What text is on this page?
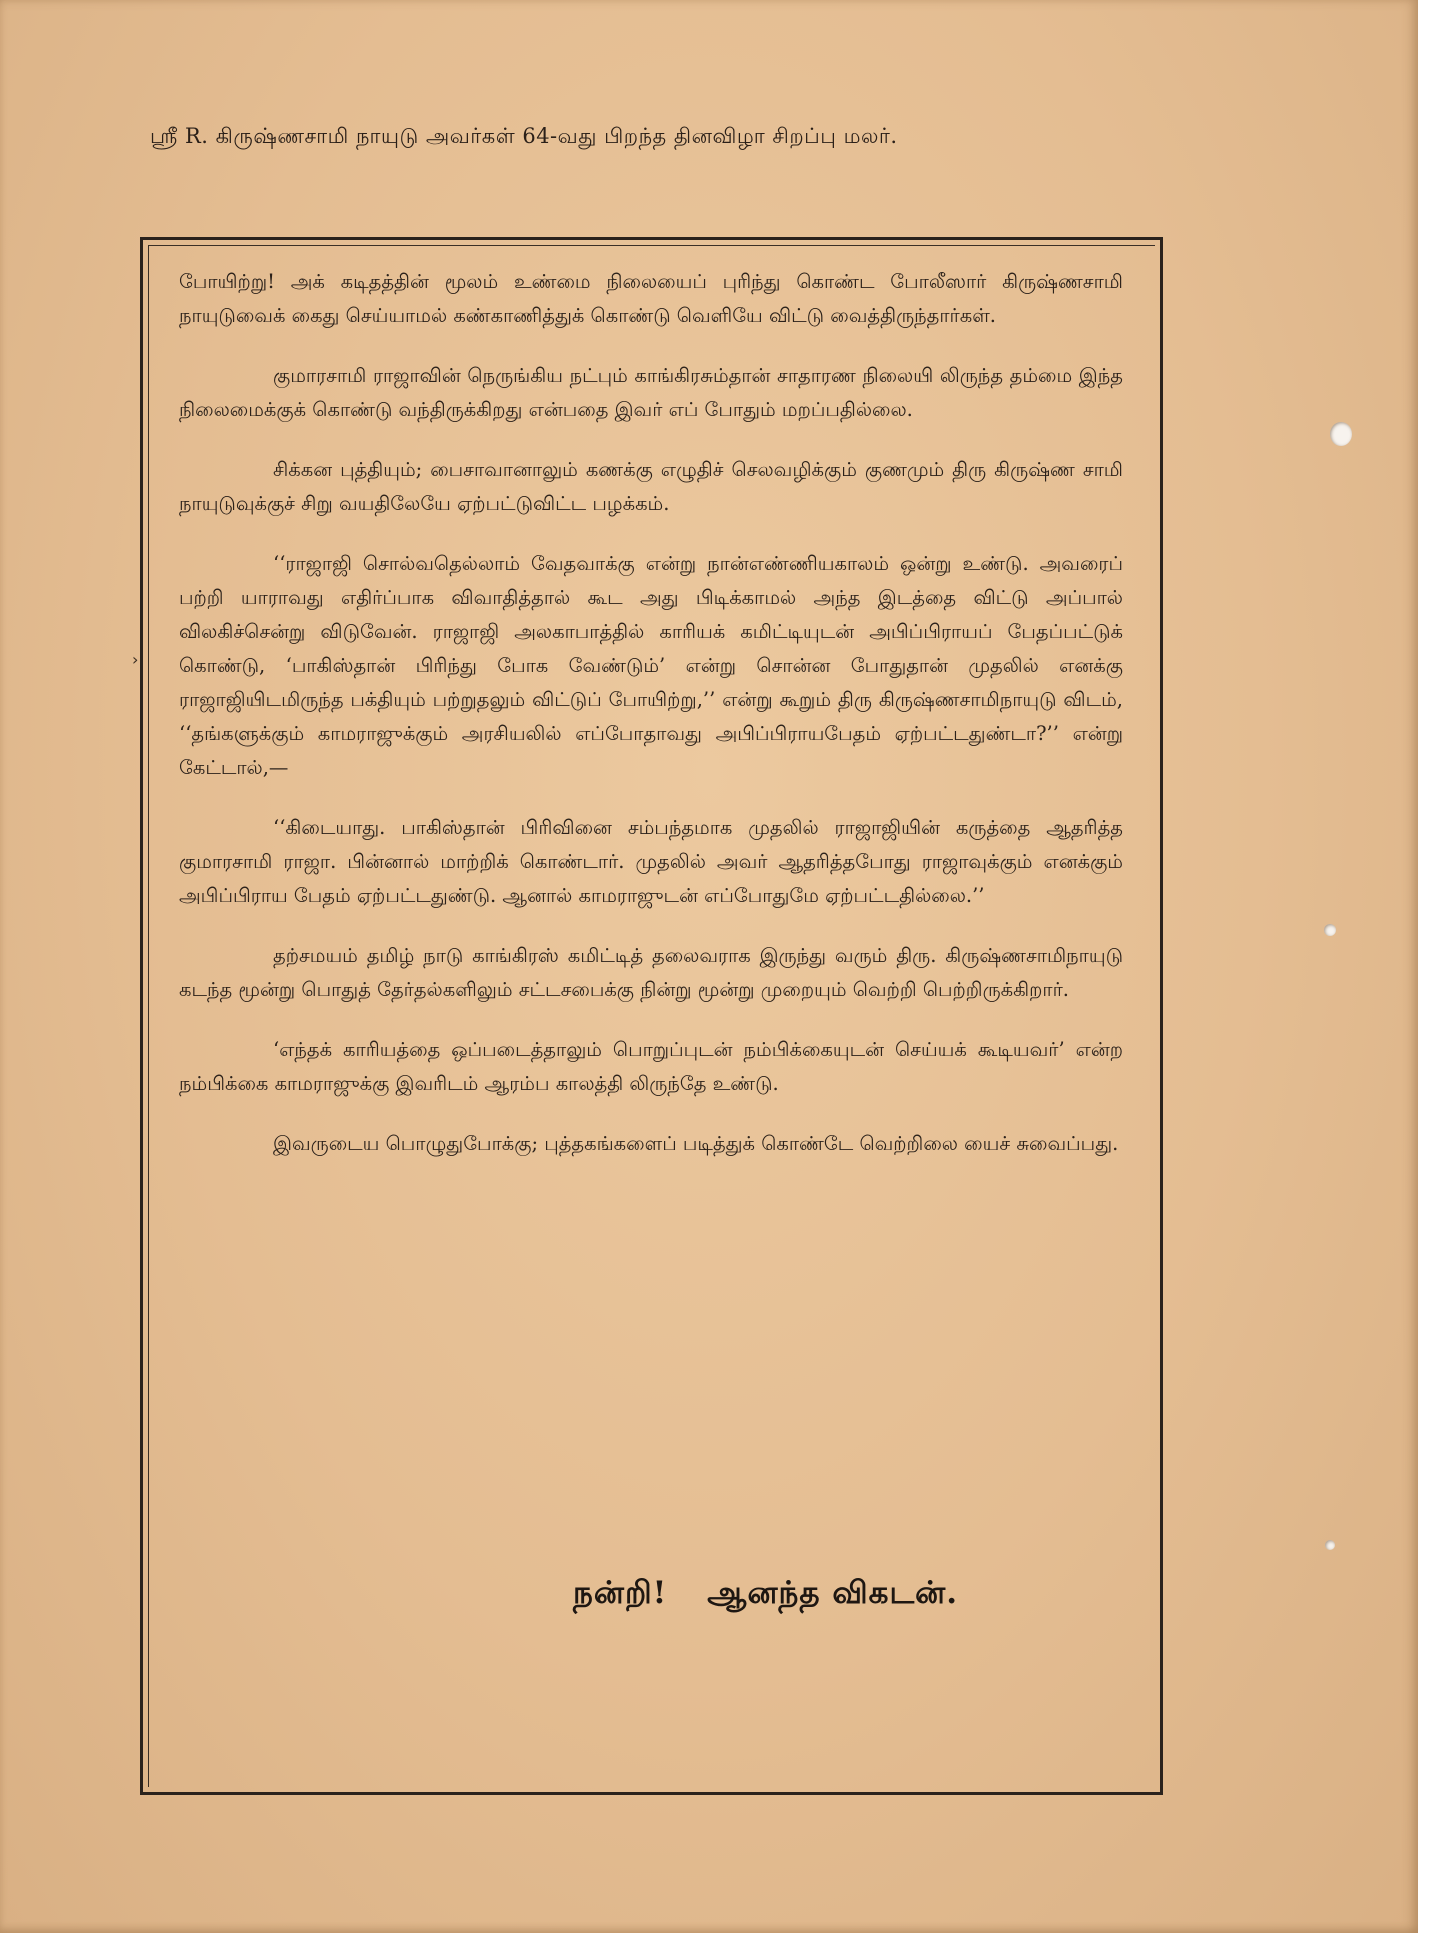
ஸ்ரீ R. கிருஷ்ணசாமி நாயுடு அவர்கள் 64-வது பிறந்த தினவிழா சிறப்பு மலர்.

போயிற்று! அக் கடிதத்தின் மூலம் உண்மை நிலையைப் புரிந்து கொண்ட போலீஸார் கிருஷ்ணசாமி நாயுடுவைக் கைது செய்யாமல் கண்காணித்துக் கொண்டு வெளியே விட்டு வைத்திருந்தார்கள்.

குமாரசாமி ராஜாவின் நெருங்கிய நட்பும் காங்கிரசும்தான் சாதாரண நிலையி லிருந்த தம்மை இந்த நிலைமைக்குக் கொண்டு வந்திருக்கிறது என்பதை இவர் எப் போதும் மறப்பதில்லை.

சிக்கன புத்தியும்; பைசாவானாலும் கணக்கு எழுதிச் செலவழிக்கும் குணமும் திரு கிருஷ்ண சாமி நாயுடுவுக்குச் சிறு வயதிலேயே ஏற்பட்டுவிட்ட பழக்கம்.

‘‘ராஜாஜி சொல்வதெல்லாம் வேதவாக்கு என்று நான்எண்ணியகாலம் ஒன்று உண்டு. அவரைப் பற்றி யாராவது எதிர்ப்பாக விவாதித்தால் கூட அது பிடிக்காமல் அந்த இடத்தை விட்டு அப்பால் விலகிச்சென்று விடுவேன். ராஜாஜி அலகாபாத்தில் காரியக் கமிட்டியுடன் அபிப்பிராயப் பேதப்பட்டுக் கொண்டு, ‘பாகிஸ்தான் பிரிந்து போக வேண்டும்’ என்று சொன்ன போதுதான் முதலில் எனக்கு ராஜாஜியிடமிருந்த பக்தியும் பற்றுதலும் விட்டுப் போயிற்று,’’ என்று கூறும் திரு கிருஷ்ணசாமிநாயுடு விடம், ‘‘தங்களுக்கும் காமராஜுக்கும் அரசியலில் எப்போதாவது அபிப்பிராயபேதம் ஏற்பட்டதுண்டா?’’ என்று கேட்டால்,—

‘‘கிடையாது. பாகிஸ்தான் பிரிவினை சம்பந்தமாக முதலில் ராஜாஜியின் கருத்தை ஆதரித்த குமாரசாமி ராஜா. பின்னால் மாற்றிக் கொண்டார். முதலில் அவர் ஆதரித்தபோது ராஜாவுக்கும் எனக்கும் அபிப்பிராய பேதம் ஏற்பட்டதுண்டு. ஆனால் காமராஜுடன் எப்போதுமே ஏற்பட்டதில்லை.’’

தற்சமயம் தமிழ் நாடு காங்கிரஸ் கமிட்டித் தலைவராக இருந்து வரும் திரு. கிருஷ்ணசாமிநாயுடு கடந்த மூன்று பொதுத் தேர்தல்களிலும் சட்டசபைக்கு நின்று மூன்று முறையும் வெற்றி பெற்றிருக்கிறார்.

‘எந்தக் காரியத்தை ஒப்படைத்தாலும் பொறுப்புடன் நம்பிக்கையுடன் செய்யக் கூடியவர்’ என்ற நம்பிக்கை காமராஜுக்கு இவரிடம் ஆரம்ப காலத்தி லிருந்தே உண்டு.

இவருடைய பொழுதுபோக்கு; புத்தகங்களைப் படித்துக் கொண்டே வெற்றிலை யைச் சுவைப்பது.

நன்றி! ஆனந்த விகடன்.
›
